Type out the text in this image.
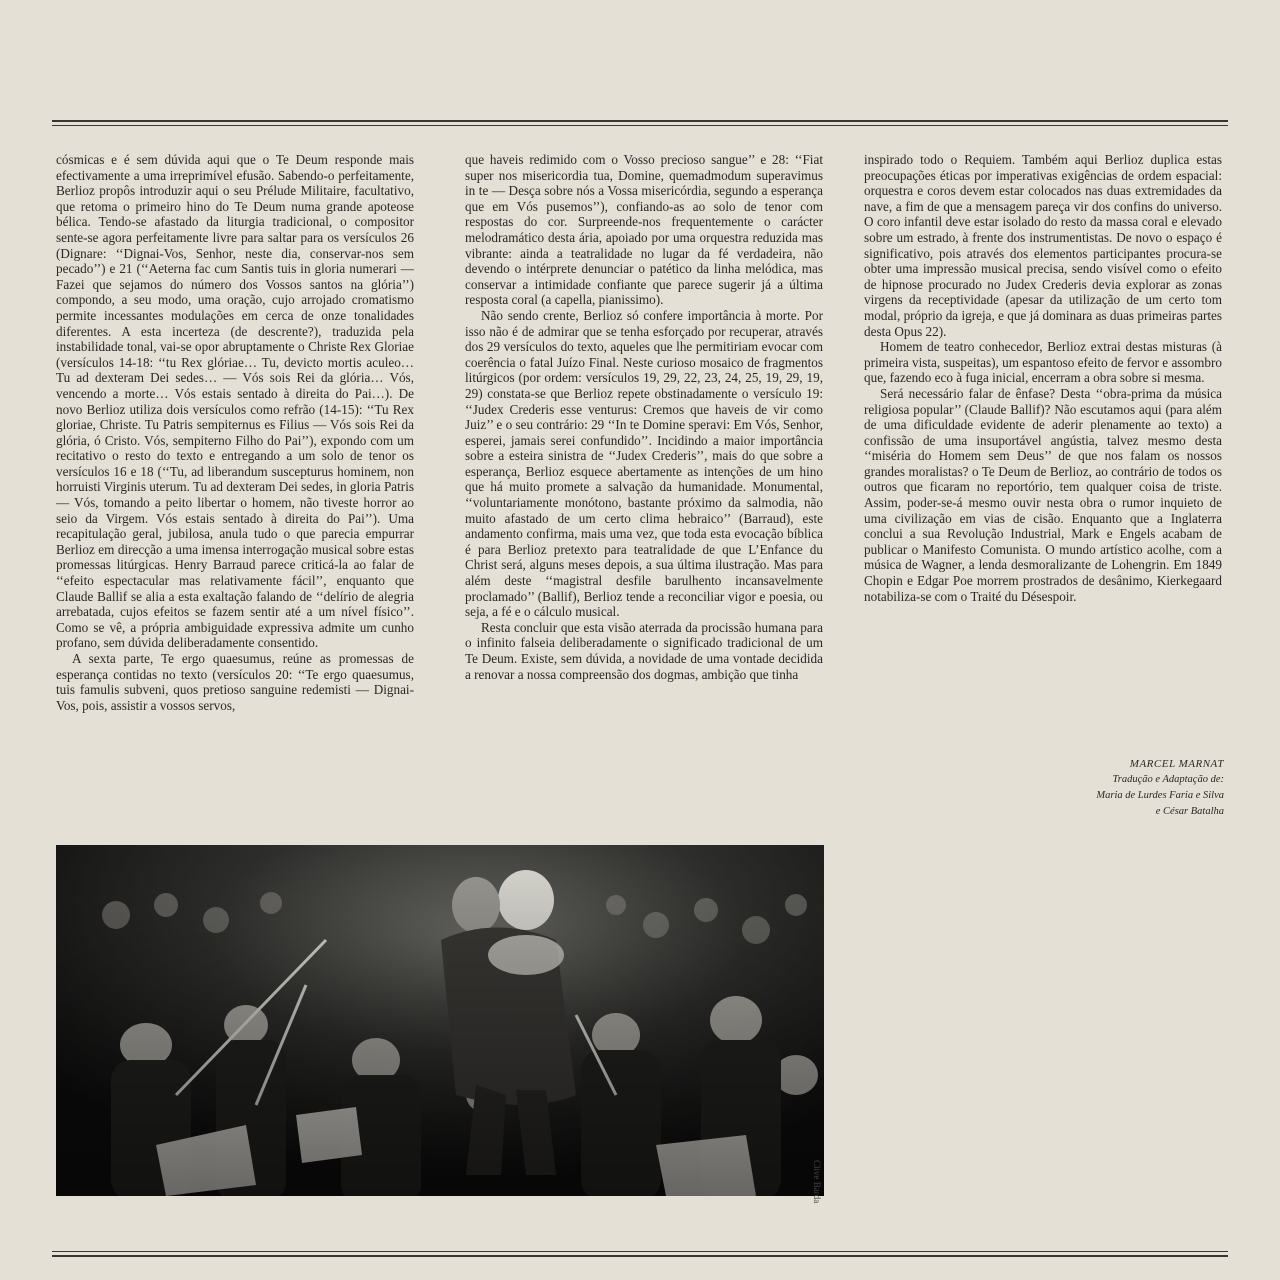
cósmicas e é sem dúvida aqui que o Te Deum responde mais efectivamente a uma irreprimível efusão. Sabendo-o perfeitamente, Berlioz propôs introduzir aqui o seu Prélude Militaire, facultativo, que retoma o primeiro hino do Te Deum numa grande apoteose bélica. Tendo-se afastado da liturgia tradicional, o compositor sente-se agora perfeitamente livre para saltar para os versículos 26 (Dignare: ‘‘Dignai-Vos, Senhor, neste dia, conservar-nos sem pecado’’) e 21 (‘‘Aeterna fac cum Santis tuis in gloria numerari — Fazei que sejamos do número dos Vossos santos na glória’’) compondo, a seu modo, uma oração, cujo arrojado cromatismo permite incessantes modulações em cerca de onze tonalidades diferentes. A esta incerteza (de descrente?), traduzida pela instabilidade tonal, vai-se opor abruptamente o Christe Rex Gloriae (versículos 14-18: ‘‘tu Rex glóriae… Tu, devicto mortis aculeo… Tu ad dexteram Dei sedes… — Vós sois Rei da glória… Vós, vencendo a morte… Vós estais sentado à direita do Pai…). De novo Berlioz utiliza dois versículos como refrão (14-15): ‘‘Tu Rex gloriae, Christe. Tu Patris sempiternus es Filius — Vós sois Rei da glória, ó Cristo. Vós, sempiterno Filho do Pai’’), expondo com um recitativo o resto do texto e entregando a um solo de tenor os versículos 16 e 18 (‘‘Tu, ad liberandum suscepturus hominem, non horruisti Virginis uterum. Tu ad dexteram Dei sedes, in gloria Patris — Vós, tomando a peito libertar o homem, não tiveste horror ao seio da Virgem. Vós estais sentado à direita do Pai’’). Uma recapitulação geral, jubilosa, anula tudo o que parecia empurrar Berlioz em direcção a uma imensa interrogação musical sobre estas promessas litúrgicas. Henry Barraud parece criticá-la ao falar de ‘‘efeito espectacular mas relativamente fácil’’, enquanto que Claude Ballif se alia a esta exaltação falando de ‘‘delírio de alegria arrebatada, cujos efeitos se fazem sentir até a um nível físico’’. Como se vê, a própria ambiguidade expressiva admite um cunho profano, sem dúvida deliberadamente consentido.

A sexta parte, Te ergo quaesumus, reúne as promessas de esperança contidas no texto (versículos 20: ‘‘Te ergo quaesumus, tuis famulis subveni, quos pretioso sanguine redemisti — Dignai-Vos, pois, assistir a vossos servos,

que haveis redimido com o Vosso precioso sangue’’ e 28: ‘‘Fiat super nos misericordia tua, Domine, quemadmodum superavimus in te — Desça sobre nós a Vossa misericórdia, segundo a esperança que em Vós pusemos’’), confiando-as ao solo de tenor com respostas do cor. Surpreende-nos frequentemente o carácter melodramático desta ária, apoiado por uma orquestra reduzida mas vibrante: ainda a teatralidade no lugar da fé verdadeira, não devendo o intérprete denunciar o patético da linha melódica, mas conservar a intimidade confiante que parece sugerir já a última resposta coral (a capella, pianissimo).

Não sendo crente, Berlioz só confere importância à morte. Por isso não é de admirar que se tenha esforçado por recuperar, através dos 29 versículos do texto, aqueles que lhe permitiriam evocar com coerência o fatal Juízo Final. Neste curioso mosaico de fragmentos litúrgicos (por ordem: versículos 19, 29, 22, 23, 24, 25, 19, 29, 19, 29) constata-se que Berlioz repete obstinadamente o versículo 19: ‘‘Judex Crederis esse venturus: Cremos que haveis de vir como Juiz’’ e o seu contrário: 29 ‘‘In te Domine speravi: Em Vós, Senhor, esperei, jamais serei confundido’’. Incidindo a maior importância sobre a esteira sinistra de ‘‘Judex Crederis’’, mais do que sobre a esperança, Berlioz esquece abertamente as intenções de um hino que há muito promete a salvação da humanidade. Monumental, ‘‘voluntariamente monótono, bastante próximo da salmodia, não muito afastado de um certo clima hebraico’’ (Barraud), este andamento confirma, mais uma vez, que toda esta evocação bíblica é para Berlioz pretexto para teatralidade de que L’Enfance du Christ será, alguns meses depois, a sua última ilustração. Mas para além deste ‘‘magistral desfile barulhento incansavelmente proclamado’’ (Ballif), Berlioz tende a reconciliar vigor e poesia, ou seja, a fé e o cálculo musical.

Resta concluir que esta visão aterrada da procissão humana para o infinito falseia deliberadamente o significado tradicional de um Te Deum. Existe, sem dúvida, a novidade de uma vontade decidida a renovar a nossa compreensão dos dogmas, ambição que tinha

inspirado todo o Requiem. Também aqui Berlioz duplica estas preocupações éticas por imperativas exigências de ordem espacial: orquestra e coros devem estar colocados nas duas extremidades da nave, a fim de que a mensagem pareça vir dos confins do universo. O coro infantil deve estar isolado do resto da massa coral e elevado sobre um estrado, à frente dos instrumentistas. De novo o espaço é significativo, pois através dos elementos participantes procura-se obter uma impressão musical precisa, sendo visível como o efeito de hipnose procurado no Judex Crederis devia explorar as zonas virgens da receptividade (apesar da utilização de um certo tom modal, próprio da igreja, e que já dominara as duas primeiras partes desta Opus 22).

Homem de teatro conhecedor, Berlioz extrai destas misturas (à primeira vista, suspeitas), um espantoso efeito de fervor e assombro que, fazendo eco à fuga inicial, encerram a obra sobre si mesma.

Será necessário falar de ênfase? Desta ‘‘obra-prima da música religiosa popular’’ (Claude Ballif)? Não escutamos aqui (para além de uma dificuldade evidente de aderir plenamente ao texto) a confissão de uma insuportável angústia, talvez mesmo desta ‘‘miséria do Homem sem Deus’’ de que nos falam os nossos grandes moralistas? o Te Deum de Berlioz, ao contrário de todos os outros que ficaram no reportório, tem qualquer coisa de triste. Assim, poder-se-á mesmo ouvir nesta obra o rumor inquieto de uma civilização em vias de cisão. Enquanto que a Inglaterra conclui a sua Revolução Industrial, Mark e Engels acabam de publicar o Manifesto Comunista. O mundo artístico acolhe, com a música de Wagner, a lenda desmoralizante de Lohengrin. Em 1849 Chopin e Edgar Poe morrem prostrados de desânimo, Kierkegaard notabiliza-se com o Traité du Désespoir.

MARCEL MARNAT
Tradução e Adaptação de:
Maria de Lurdes Faria e Silva
e César Batalha
Clive Barda
